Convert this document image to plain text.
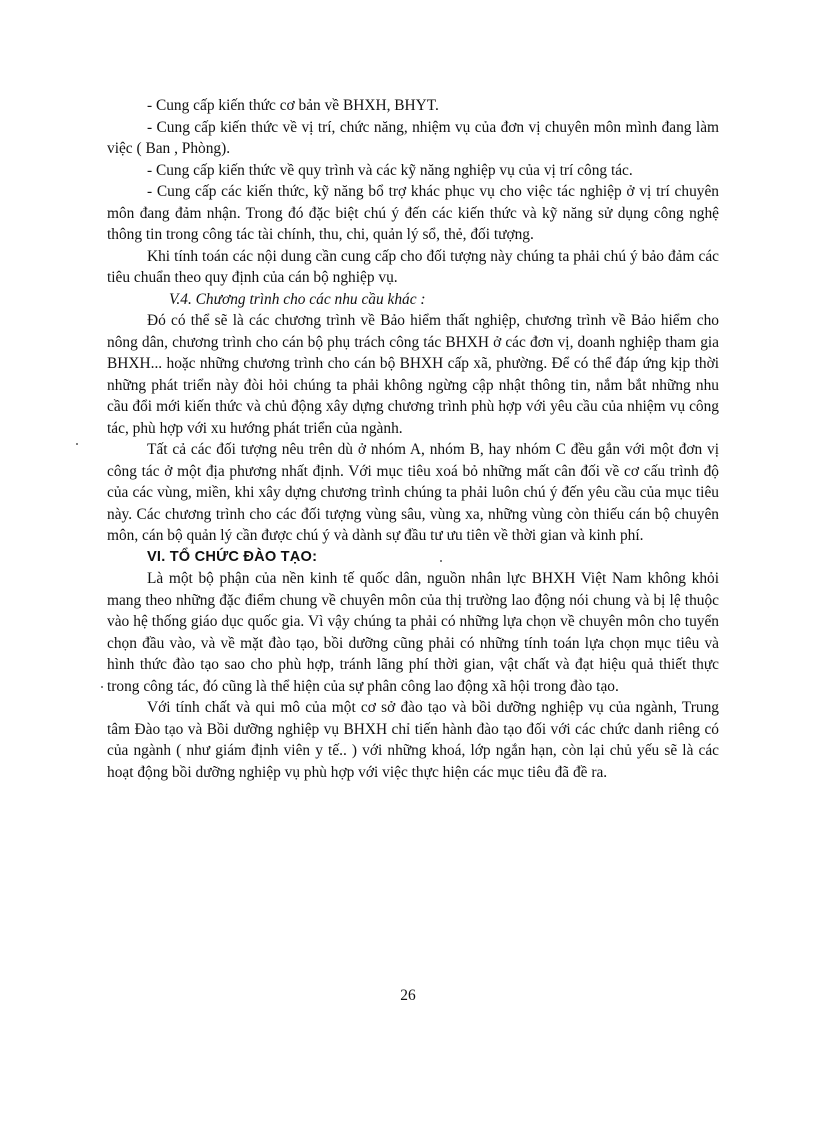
- Cung cấp kiến thức cơ bản về BHXH, BHYT.

- Cung cấp kiến thức về vị trí, chức năng, nhiệm vụ của đơn vị chuyên môn mình đang làm việc ( Ban , Phòng).

- Cung cấp kiến thức về quy trình và các kỹ năng nghiệp vụ của vị trí công tác.

- Cung cấp các kiến thức, kỹ năng bổ trợ khác phục vụ cho việc tác nghiệp ở vị trí chuyên môn đang đảm nhận. Trong đó đặc biệt chú ý đến các kiến thức và kỹ năng sử dụng công nghệ thông tin trong công tác tài chính, thu, chi, quản lý sổ, thẻ, đối tượng.

Khi tính toán các nội dung cần cung cấp cho đối tượng này chúng ta phải chú ý bảo đảm các tiêu chuẩn theo quy định của cán bộ nghiệp vụ.

V.4. Chương trình cho các nhu cầu khác :

Đó có thể sẽ là các chương trình về Bảo hiểm thất nghiệp, chương trình về Bảo hiểm cho nông dân, chương trình cho cán bộ phụ trách công tác BHXH ở các đơn vị, doanh nghiệp tham gia BHXH... hoặc những chương trình cho cán bộ BHXH cấp xã, phường. Để có thể đáp ứng kịp thời những phát triển này đòi hỏi chúng ta phải không ngừng cập nhật thông tin, nắm bắt những nhu cầu đổi mới kiến thức và chủ động xây dựng chương trình phù hợp với yêu cầu của nhiệm vụ công tác, phù hợp với xu hướng phát triển của ngành.

Tất cả các đối tượng nêu trên dù ở nhóm A, nhóm B, hay nhóm C đều gắn với một đơn vị công tác ở một địa phương nhất định. Với mục tiêu xoá bỏ những mất cân đối về cơ cấu trình độ của các vùng, miền, khi xây dựng chương trình chúng ta phải luôn chú ý đến yêu cầu của mục tiêu này. Các chương trình cho các đối tượng vùng sâu, vùng xa, những vùng còn thiếu cán bộ chuyên môn, cán bộ quản lý cần được chú ý và dành sự đầu tư ưu tiên về thời gian và kinh phí.

VI. TỔ CHỨC ĐÀO TẠO:

Là một bộ phận của nền kinh tế quốc dân, nguồn nhân lực BHXH Việt Nam không khỏi mang theo những đặc điểm chung về chuyên môn của thị trường lao động nói chung và bị lệ thuộc vào hệ thống giáo dục quốc gia. Vì vậy chúng ta phải có những lựa chọn về chuyên môn cho tuyển chọn đầu vào, và về mặt đào tạo, bồi dưỡng cũng phải có những tính toán lựa chọn mục tiêu và hình thức đào tạo sao cho phù hợp, tránh lãng phí thời gian, vật chất và đạt hiệu quả thiết thực trong công tác, đó cũng là thể hiện của sự phân công lao động xã hội trong đào tạo.

Với tính chất và qui mô của một cơ sở đào tạo và bồi dưỡng nghiệp vụ của ngành, Trung tâm Đào tạo và Bồi dưỡng nghiệp vụ BHXH chỉ tiến hành đào tạo đối với các chức danh riêng có của ngành ( như giám định viên y tế.. ) với những khoá, lớp ngắn hạn, còn lại chủ yếu sẽ là các hoạt động bồi dưỡng nghiệp vụ phù hợp với việc thực hiện các mục tiêu đã đề ra.

26
